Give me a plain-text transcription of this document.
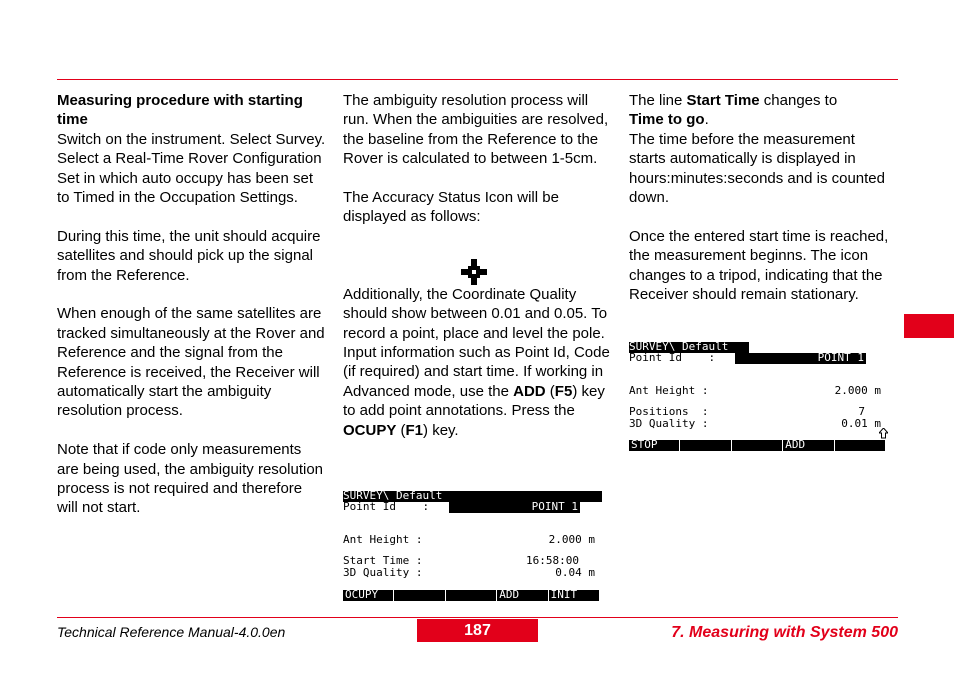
Measuring procedure with starting time

Switch on the instrument. Select Survey. Select a Real-Time Rover Configuration Set in which auto occupy has been set to Timed in the Occupation Settings.

During this time, the unit should acquire satellites and should pick up the signal from the Reference.

When enough of the same satellites are tracked simultaneously at the Rover and Reference and the signal from the Reference is received, the Receiver will automatically start the ambiguity resolution process.

Note that if code only measurements are being used, the ambiguity resolution process is not required and therefore will not start.

The ambiguity resolution process will run. When the ambiguities are resolved, the baseline from the Reference to the Rover is calculated to between 1-5cm.

The Accuracy Status Icon will be displayed as follows:

Additionally, the Coordinate Quality should show between 0.01 and 0.05. To record a point, place and level the pole. Input information such as Point Id, Code (if required) and start time. If working in Advanced mode, use the ADD (F5) key to add point annotations. Press the OCUPY (F1) key.

SURVEY\ Default

Point Id    :

	POINT 1

Ant Height :	2.000 m

Start Time :	16:58:00

3D Quality :	0.04 m

OCUPY	ADD	INIT

The line Start Time changes to
Time to go.
The time before the measurement starts automatically is displayed in hours:minutes:seconds and is counted down.

Once the entered start time is reached, the measurement beginns. The icon changes to a tripod, indicating that the Receiver should remain stationary.

SURVEY\ Default

Point Id    :

	POINT 1

Ant Height :	2.000 m

Positions  :	7

3D Quality :	0.01 m

STOP	ADD

Technical Reference Manual-4.0.0en	187	7. Measuring with System 500
